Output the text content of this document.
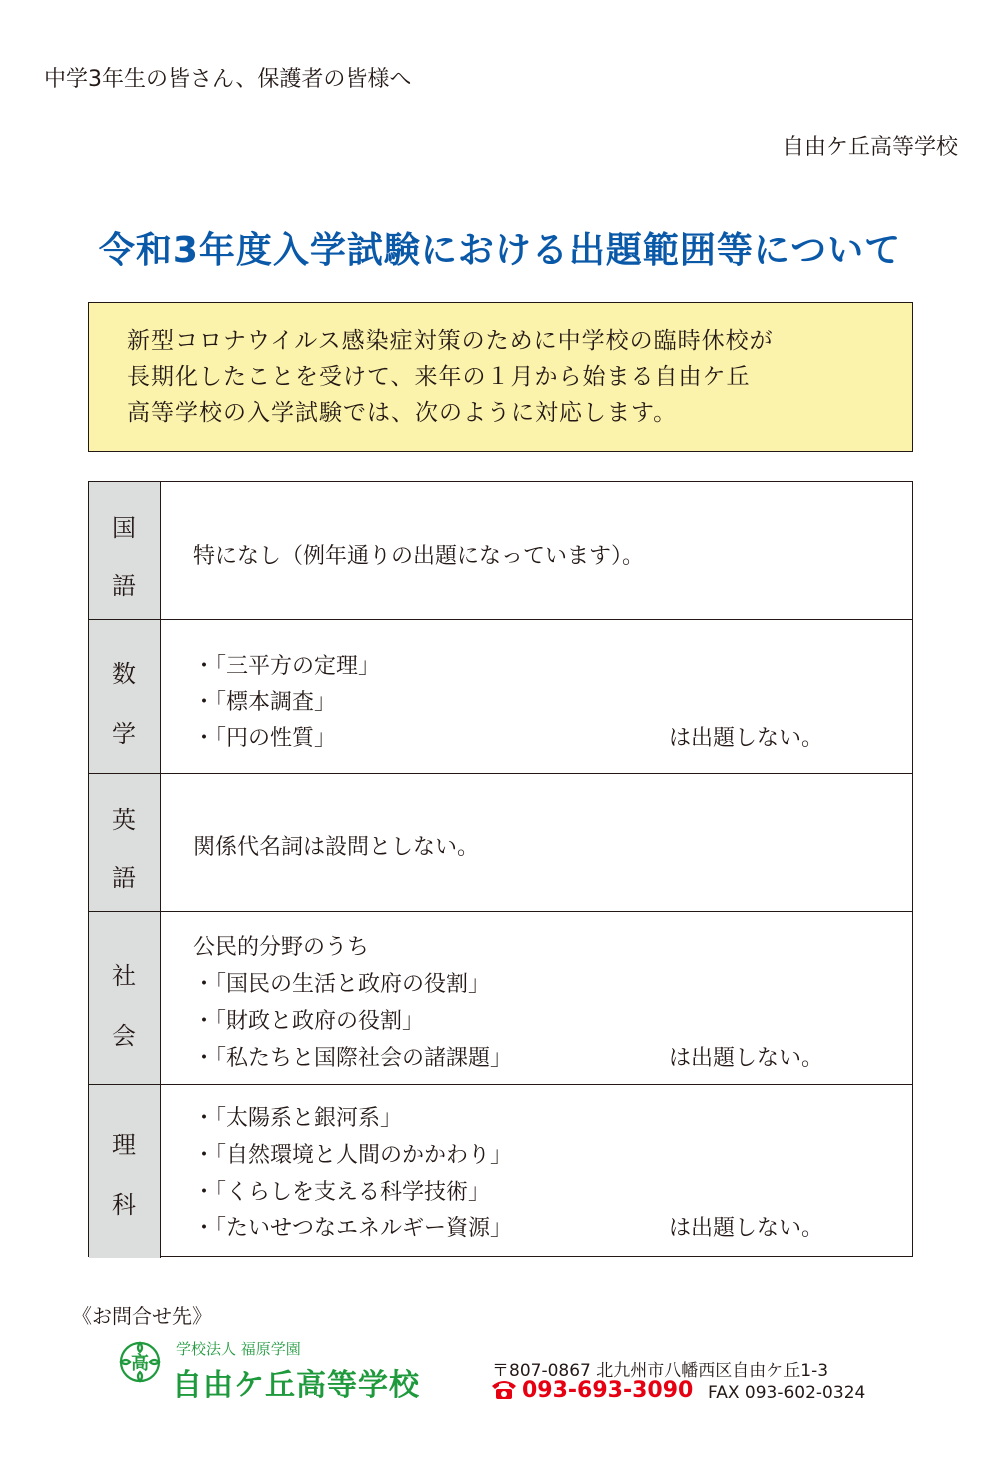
中学3年生の皆さん、保護者の皆様へ
自由ケ丘高等学校
令和3年度入学試験における出題範囲等について
新型コロナウイルス感染症対策のために中学校の臨時休校が
長期化したことを受けて、来年の１月から始まる自由ケ丘
高等学校の入学試験では、次のように対応します。
国
語
特になし（例年通りの出題になっています）。
数
学
・「三平方の定理」
・「標本調査」
・「円の性質」	は出題しない。
英
語
関係代名詞は設問としない。
社
会
公民的分野のうち
・「国民の生活と政府の役割」
・「財政と政府の役割」
・「私たちと国際社会の諸課題」	は出題しない。
理
科
・「太陽系と銀河系」
・「自然環境と人間のかかわり」
・「くらしを支える科学技術」
・「たいせつなエネルギー資源」	は出題しない。
《お問合せ先》
高
学校法人 福原学園
自由ケ丘高等学校	〒807-0867 北九州市八幡西区自由ケ丘1-3
093-693-3090 FAX 093-602-0324
